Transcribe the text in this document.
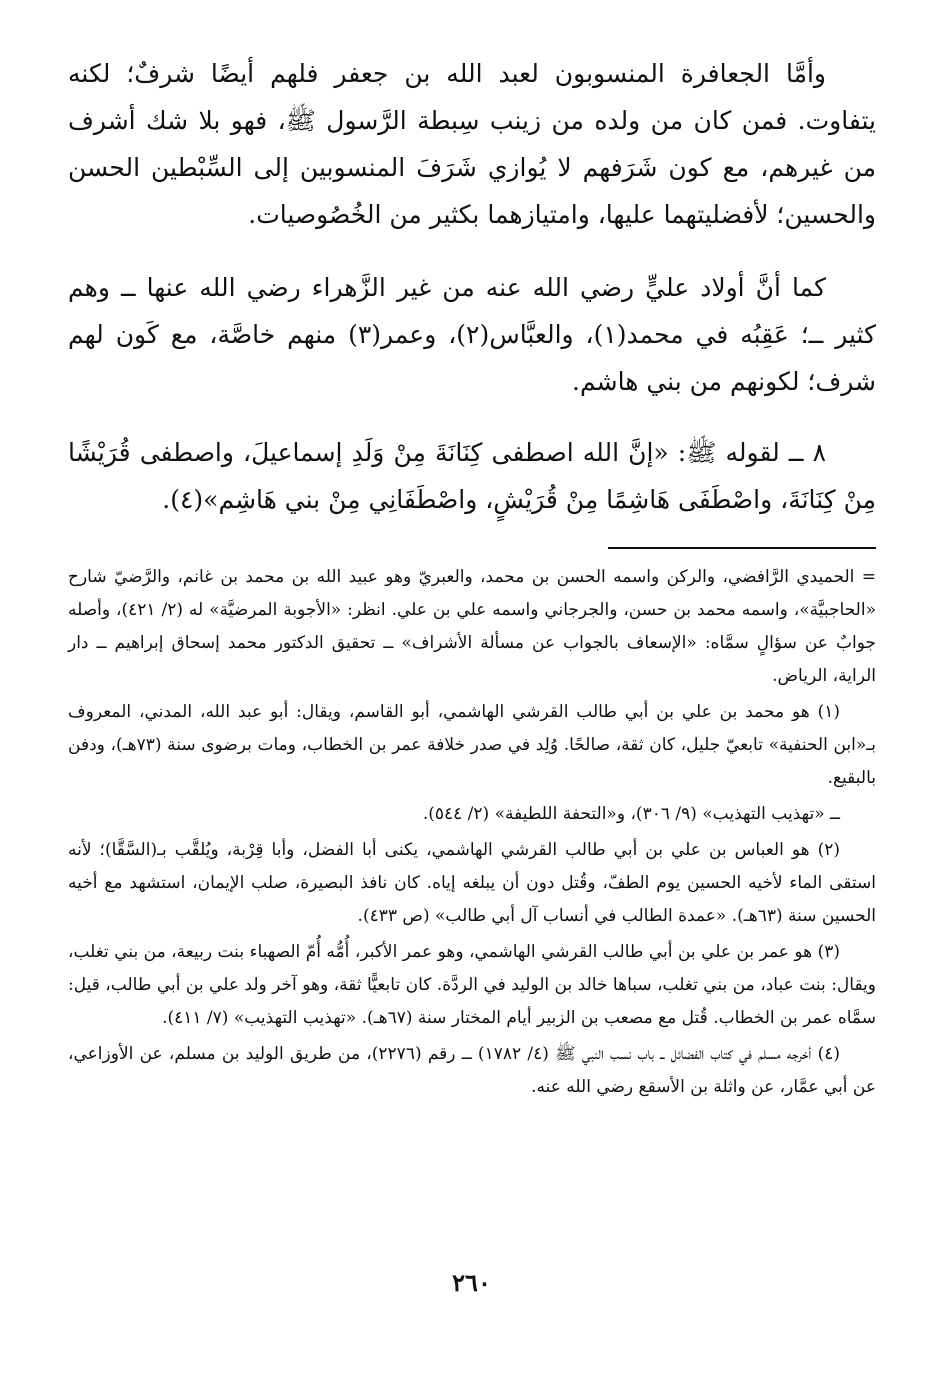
وأمَّا الجعافرة المنسوبون لعبد الله بن جعفر فلهم أيضًا شرفٌ؛ لكنه يتفاوت. فمن كان من ولده من زينب سِبطة الرَّسول ﷺ، فهو بلا شك أشرف من غيرهم، مع كون شَرَفهم لا يُوازي شَرَفَ المنسوبين إلى السِّبْطين الحسن والحسين؛ لأفضليتهما عليها، وامتيازهما بكثير من الخُصُوصيات.

كما أنَّ أولاد عليٍّ رضي الله عنه من غير الزَّهراء رضي الله عنها ــ وهم كثير ــ؛ عَقِبُه في محمد(١)، والعبَّاس(٢)، وعمر(٣) منهم خاصَّة، مع كَون لهم شرف؛ لكونهم من بني هاشم.

٨ ــ لقوله ﷺ: «إنَّ الله اصطفى كِنَانَةَ مِنْ وَلَدِ إسماعيلَ، واصطفى قُرَيْشًا مِنْ كِنَانَةَ، واصْطَفَى هَاشِمًا مِنْ قُرَيْشٍ، واصْطَفَانِي مِنْ بني هَاشِم»(٤).

= الحميدي الرَّافضي، والركن واسمه الحسن بن محمد، والعبريّ وهو عبيد الله بن محمد بن غانم، والرَّضيّ شارح «الحاجبيَّة»، واسمه محمد بن حسن، والجرجاني واسمه علي بن علي. انظر: «الأجوبة المرضيَّة» له (٢/ ٤٢١)، وأصله جوابٌ عن سؤالٍ سمَّاه: «الإسعاف بالجواب عن مسألة الأشراف» ــ تحقيق الدكتور محمد إسحاق إبراهيم ــ دار الراية، الرياض.

(١) هو محمد بن علي بن أبي طالب القرشي الهاشمي، أبو القاسم، ويقال: أبو عبد الله، المدني، المعروف بـ«ابن الحنفية» تابعيّ جليل، كان ثقة، صالحًا. وُلِد في صدر خلافة عمر بن الخطاب، ومات برضوى سنة (٧٣هـ)، ودفن بالبقيع.

ــ «تهذيب التهذيب» (٩/ ٣٠٦)، و«التحفة اللطيفة» (٢/ ٥٤٤).

(٢) هو العباس بن علي بن أبي طالب القرشي الهاشمي، يكنى أبا الفضل، وأبا قِرْبة، ويُلقَّب بـ(السَّقَّا)؛ لأنه استقى الماء لأخيه الحسين يوم الطفّ، وقُتل دون أن يبلغه إياه. كان نافذ البصيرة، صلب الإيمان، استشهد مع أخيه الحسين سنة (٦٣هـ). «عمدة الطالب في أنساب آل أبي طالب» (ص ٤٣٣).

(٣) هو عمر بن علي بن أبي طالب القرشي الهاشمي، وهو عمر الأكبر، أُمُّه أُمّ الصهباء بنت ربيعة، من بني تغلب، ويقال: بنت عباد، من بني تغلب، سباها خالد بن الوليد في الردَّة. كان تابعيًّا ثقة، وهو آخر ولد علي بن أبي طالب، قيل: سمَّاه عمر بن الخطاب. قُتل مع مصعب بن الزبير أيام المختار سنة (٦٧هـ). «تهذيب التهذيب» (٧/ ٤١١).

(٤) أخرجه مسلم في كتاب الفضائل ــ باب نسب النبي ﷺ (٤/ ١٧٨٢) ــ رقم (٢٢٧٦)، من طريق الوليد بن مسلم، عن الأوزاعي، عن أبي عمَّار، عن واثلة بن الأسقع رضي الله عنه.

٢٦٠
